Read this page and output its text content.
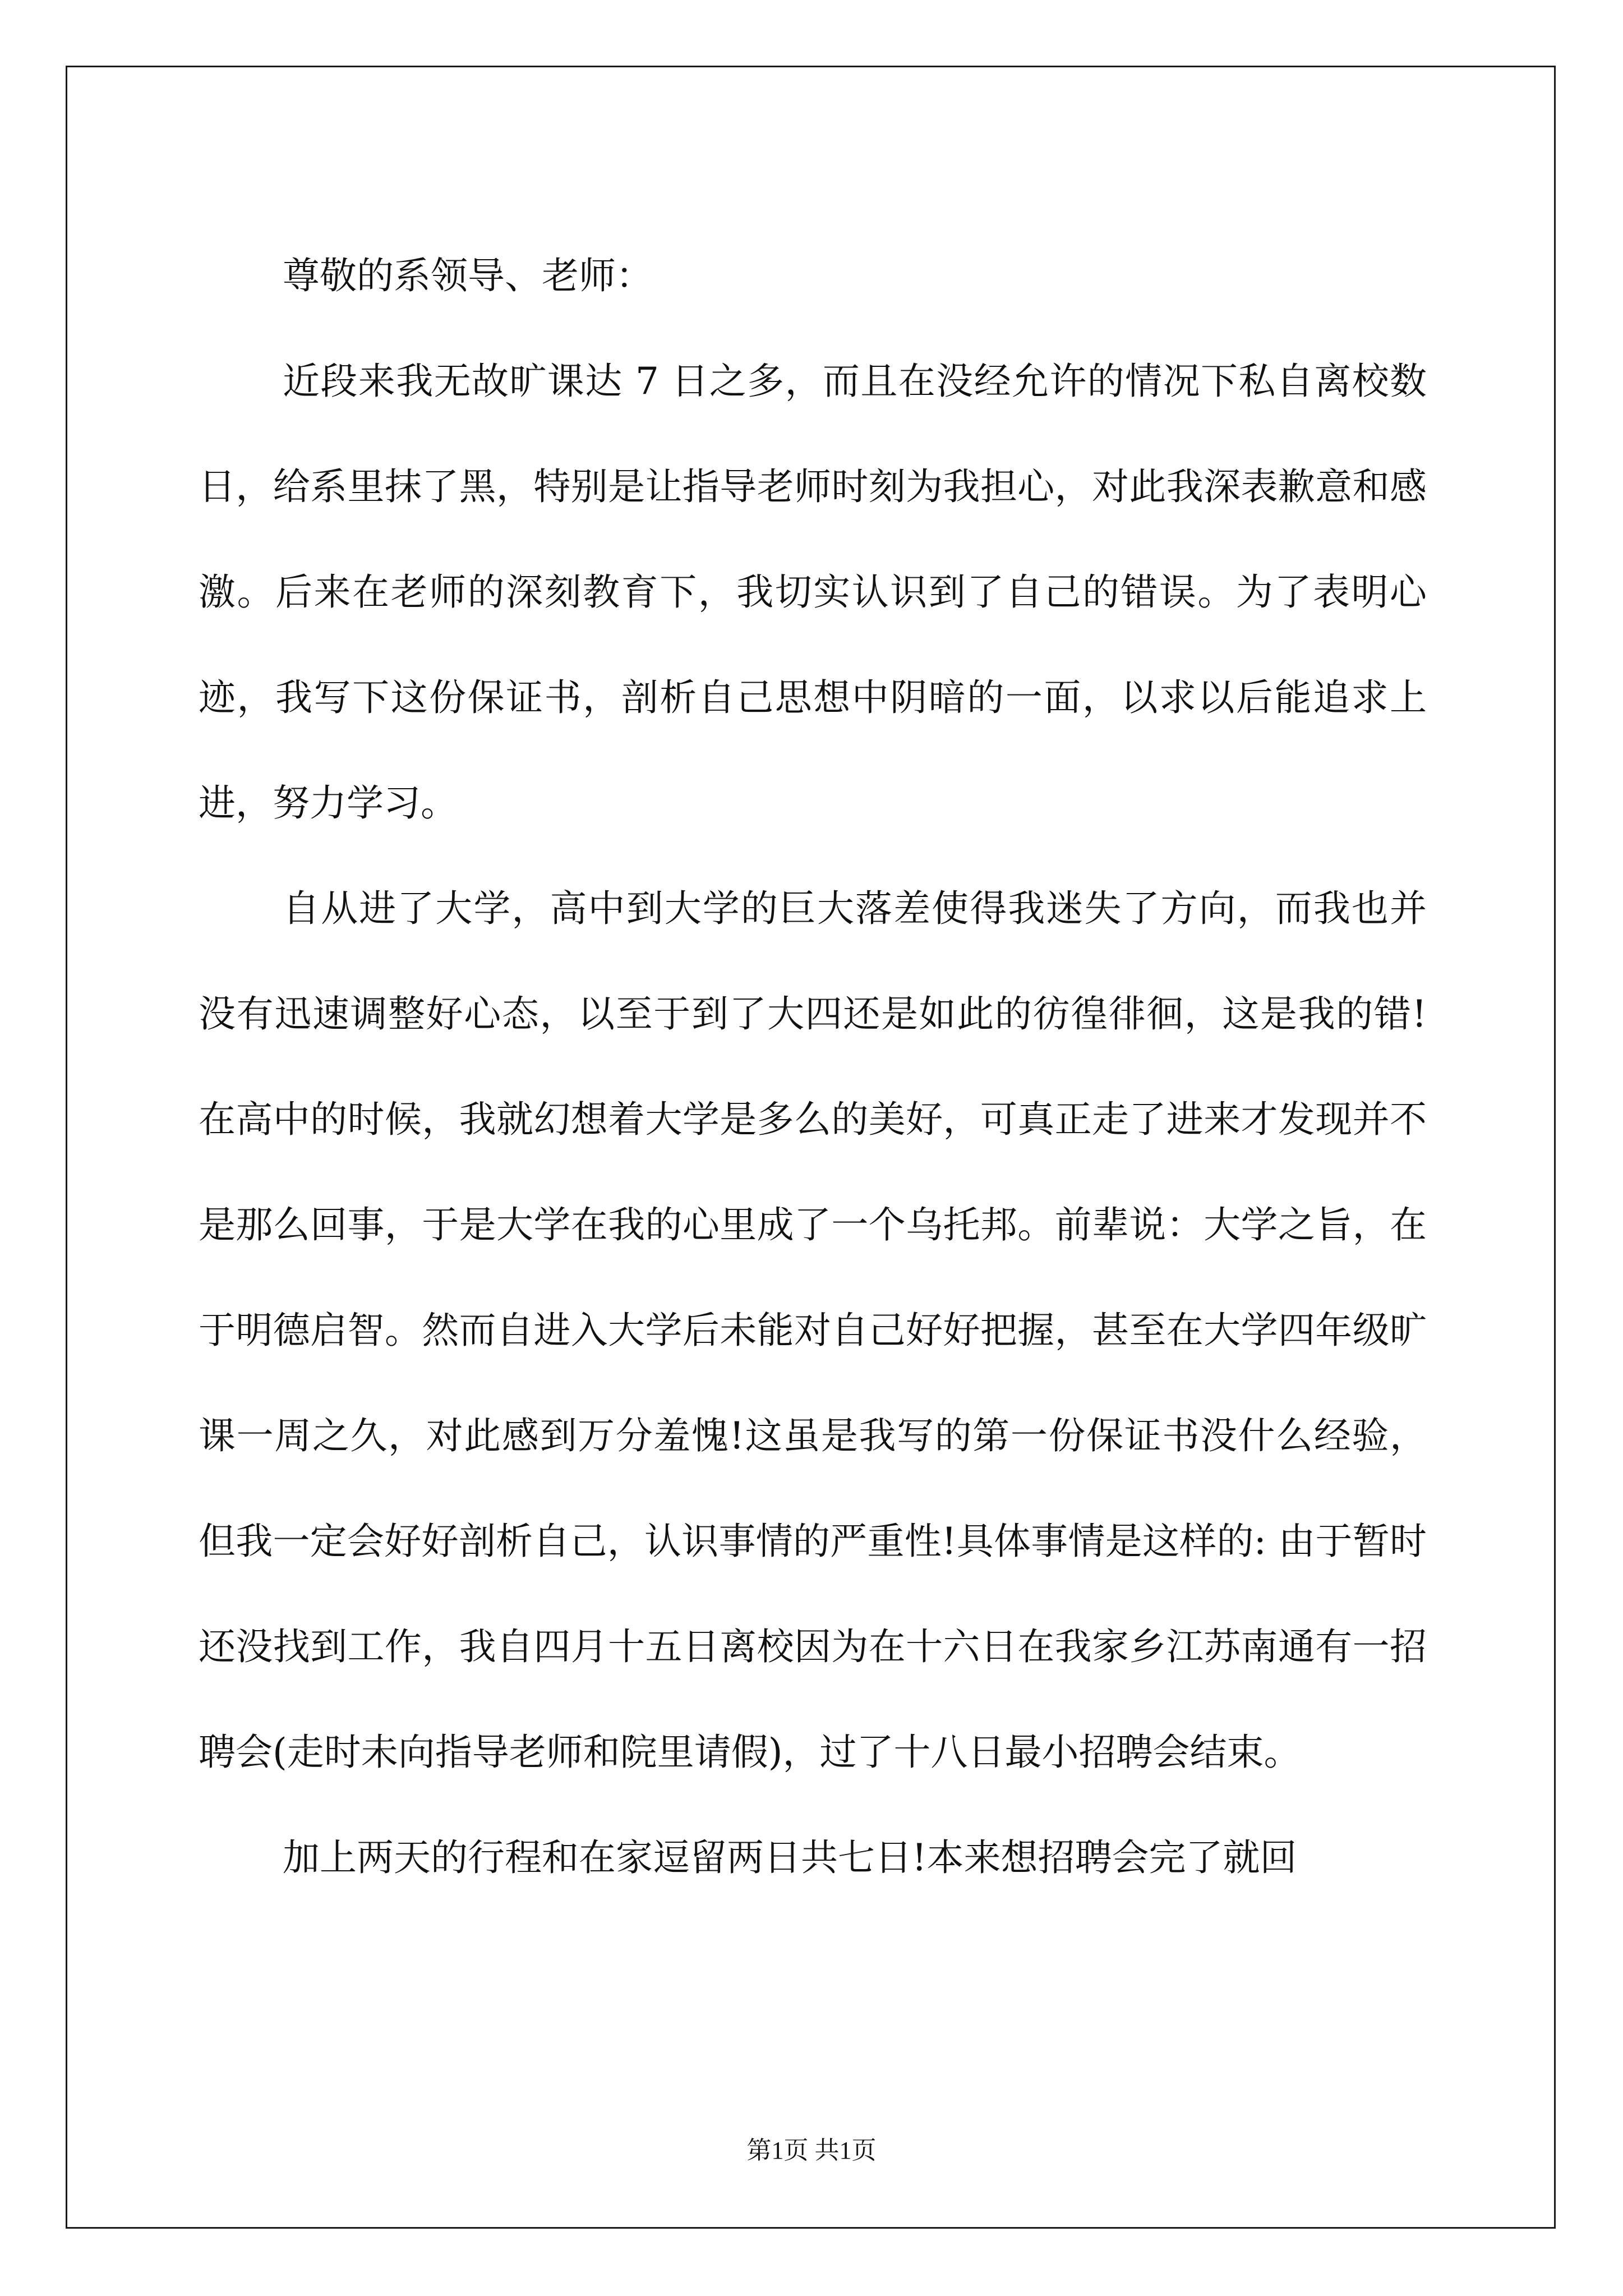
尊敬的系领导、老师：

近段来我无故旷课达 7 日之多，而且在没经允许的情况下私自离校数日，给系里抹了黑，特别是让指导老师时刻为我担心，对此我深表歉意和感激。后来在老师的深刻教育下，我切实认识到了自己的错误。为了表明心迹，我写下这份保证书，剖析自己思想中阴暗的一面，以求以后能追求上进，努力学习。

自从进了大学，高中到大学的巨大落差使得我迷失了方向，而我也并没有迅速调整好心态，以至于到了大四还是如此的彷徨徘徊，这是我的错!在高中的时候，我就幻想着大学是多么的美好，可真正走了进来才发现并不是那么回事，于是大学在我的心里成了一个乌托邦。前辈说：大学之旨，在于明德启智。然而自进入大学后未能对自己好好把握，甚至在大学四年级旷课一周之久，对此感到万分羞愧!这虽是我写的第一份保证书没什么经验，但我一定会好好剖析自己，认识事情的严重性!具体事情是这样的: 由于暂时还没找到工作，我自四月十五日离校因为在十六日在我家乡江苏南通有一招聘会(走时未向指导老师和院里请假)，过了十八日最小招聘会结束。

加上两天的行程和在家逗留两日共七日!本来想招聘会完了就回

第1页 共1页
